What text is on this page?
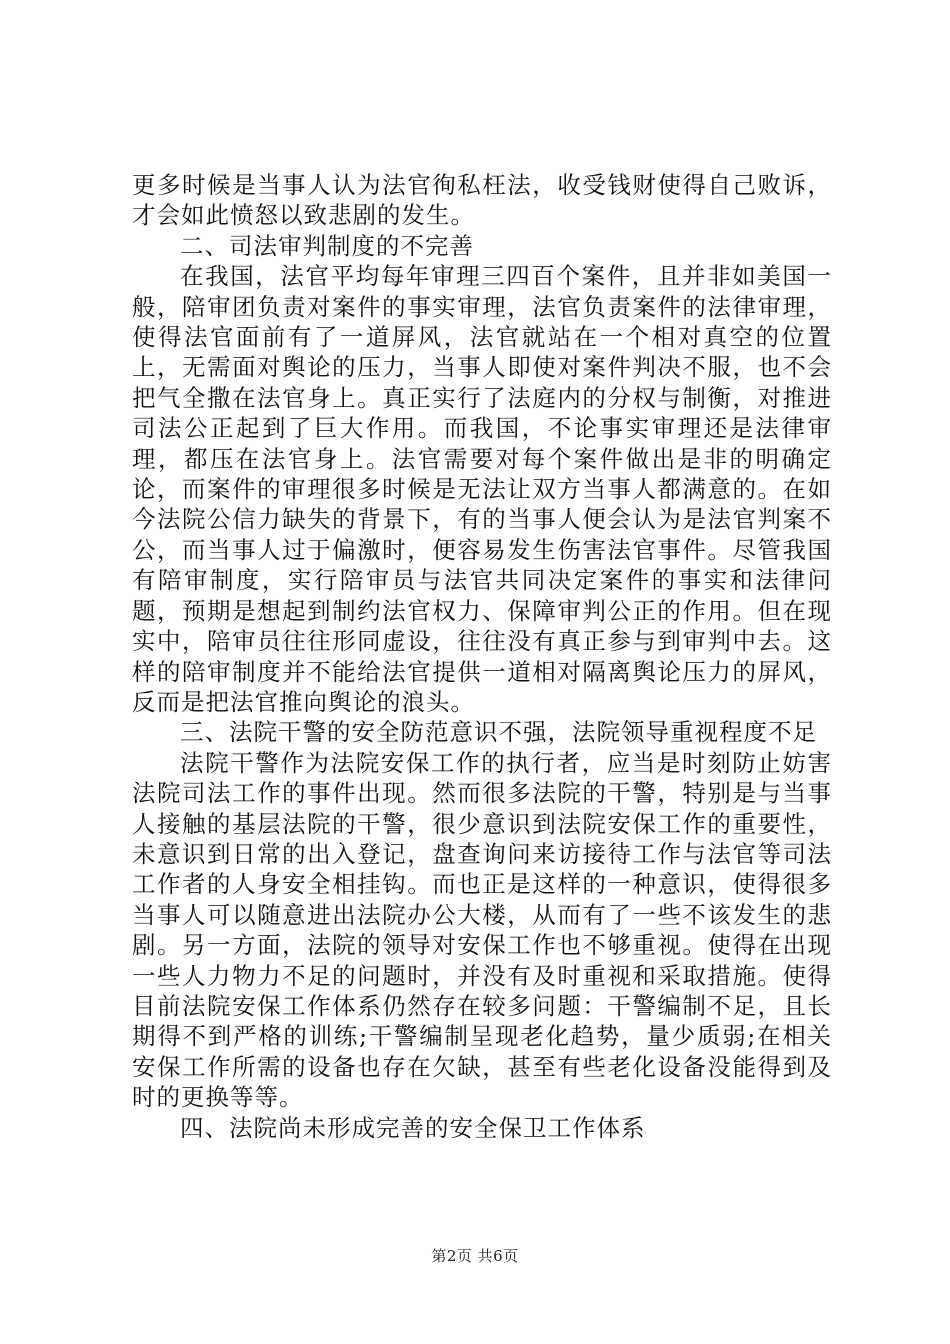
更多时候是当事人认为法官徇私枉法，收受钱财使得自己败诉，才会如此愤怒以致悲剧的发生。

二、司法审判制度的不完善

在我国，法官平均每年审理三四百个案件，且并非如美国一般，陪审团负责对案件的事实审理，法官负责案件的法律审理，使得法官面前有了一道屏风，法官就站在一个相对真空的位置上，无需面对舆论的压力，当事人即使对案件判决不服，也不会把气全撒在法官身上。真正实行了法庭内的分权与制衡，对推进司法公正起到了巨大作用。而我国，不论事实审理还是法律审理，都压在法官身上。法官需要对每个案件做出是非的明确定论，而案件的审理很多时候是无法让双方当事人都满意的。在如今法院公信力缺失的背景下，有的当事人便会认为是法官判案不公，而当事人过于偏激时，便容易发生伤害法官事件。尽管我国有陪审制度，实行陪审员与法官共同决定案件的事实和法律问题，预期是想起到制约法官权力、保障审判公正的作用。但在现实中，陪审员往往形同虚设，往往没有真正参与到审判中去。这样的陪审制度并不能给法官提供一道相对隔离舆论压力的屏风，反而是把法官推向舆论的浪头。

三、法院干警的安全防范意识不强，法院领导重视程度不足

法院干警作为法院安保工作的执行者，应当是时刻防止妨害法院司法工作的事件出现。然而很多法院的干警，特别是与当事人接触的基层法院的干警，很少意识到法院安保工作的重要性，未意识到日常的出入登记，盘查询问来访接待工作与法官等司法工作者的人身安全相挂钩。而也正是这样的一种意识，使得很多当事人可以随意进出法院办公大楼，从而有了一些不该发生的悲剧。另一方面，法院的领导对安保工作也不够重视。使得在出现一些人力物力不足的问题时，并没有及时重视和采取措施。使得目前法院安保工作体系仍然存在较多问题：干警编制不足，且长期得不到严格的训练;干警编制呈现老化趋势，量少质弱;在相关安保工作所需的设备也存在欠缺，甚至有些老化设备没能得到及时的更换等等。

四、法院尚未形成完善的安全保卫工作体系

第2页 共6页
